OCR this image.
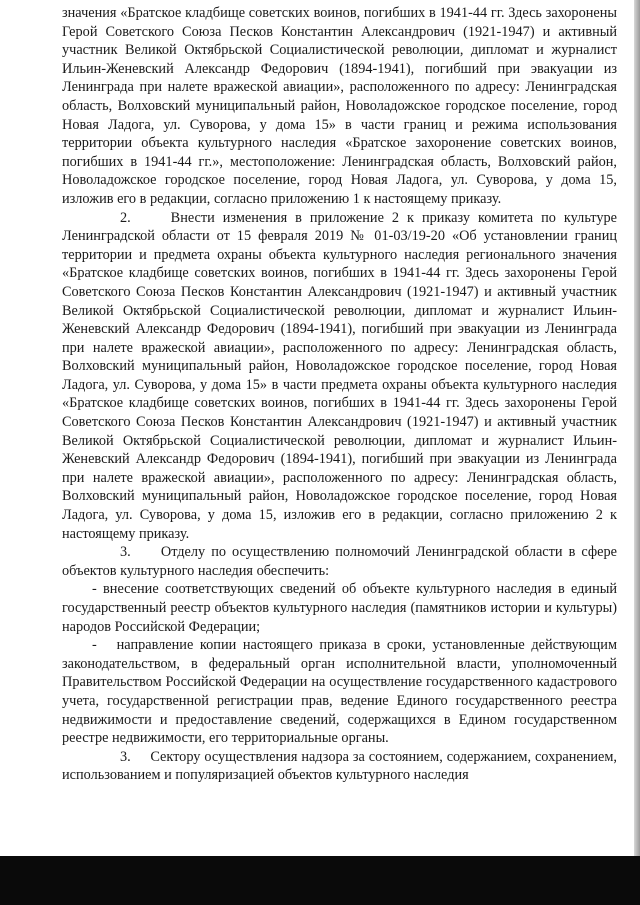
значения «Братское кладбище советских воинов, погибших в 1941-44 гг. Здесь захоронены Герой Советского Союза Песков Константин Александрович (1921-1947) и активный участник Великой Октябрьской Социалистической революции, дипломат и журналист Ильин-Женевский Александр Федорович (1894-1941), погибший при эвакуации из Ленинграда при налете вражеской авиации», расположенного по адресу: Ленинградская область, Волховский муниципальный район, Новоладожское городское поселение, город Новая Ладога, ул. Суворова, у дома 15» в части границ и режима использования территории объекта культурного наследия «Братское захоронение советских воинов, погибших в 1941-44 гг.», местоположение: Ленинградская область, Волховский район, Новоладожское городское поселение, город Новая Ладога, ул. Суворова, у дома 15, изложив его в редакции, согласно приложению 1 к настоящему приказу.

2.     Внести изменения в приложение 2 к приказу комитета по культуре Ленинградской области от 15 февраля 2019 № 01-03/19-20 «Об установлении границ территории и предмета охраны объекта культурного наследия регионального значения «Братское кладбище советских воинов, погибших в 1941-44 гг. Здесь захоронены Герой Советского Союза Песков Константин Александрович (1921-1947) и активный участник Великой Октябрьской Социалистической революции, дипломат и журналист Ильин-Женевский Александр Федорович (1894-1941), погибший при эвакуации из Ленинграда при налете вражеской авиации», расположенного по адресу: Ленинградская область, Волховский муниципальный район, Новоладожское городское поселение, город Новая Ладога, ул. Суворова, у дома 15» в части предмета охраны объекта культурного наследия «Братское кладбище советских воинов, погибших в 1941-44 гг. Здесь захоронены Герой Советского Союза Песков Константин Александрович (1921-1947) и активный участник Великой Октябрьской Социалистической революции, дипломат и журналист Ильин-Женевский Александр Федорович (1894-1941), погибший при эвакуации из Ленинграда при налете вражеской авиации», расположенного по адресу: Ленинградская область, Волховский муниципальный район, Новоладожское городское поселение, город Новая Ладога, ул. Суворова, у дома 15, изложив его в редакции, согласно приложению 2 к настоящему приказу.

3.     Отделу по осуществлению полномочий Ленинградской области в сфере объектов культурного наследия обеспечить:

- внесение соответствующих сведений об объекте культурного наследия в единый государственный реестр объектов культурного наследия (памятников истории и культуры) народов Российской Федерации;

-   направление копии настоящего приказа в сроки, установленные действующим законодательством, в федеральный орган исполнительной власти, уполномоченный Правительством Российской Федерации на осуществление государственного кадастрового учета, государственной регистрации прав, ведение Единого государственного реестра недвижимости и предоставление сведений, содержащихся в Едином государственном реестре недвижимости, его территориальные органы.

3.     Сектору осуществления надзора за состоянием, содержанием, сохранением, использованием и популяризацией объектов культурного наследия
